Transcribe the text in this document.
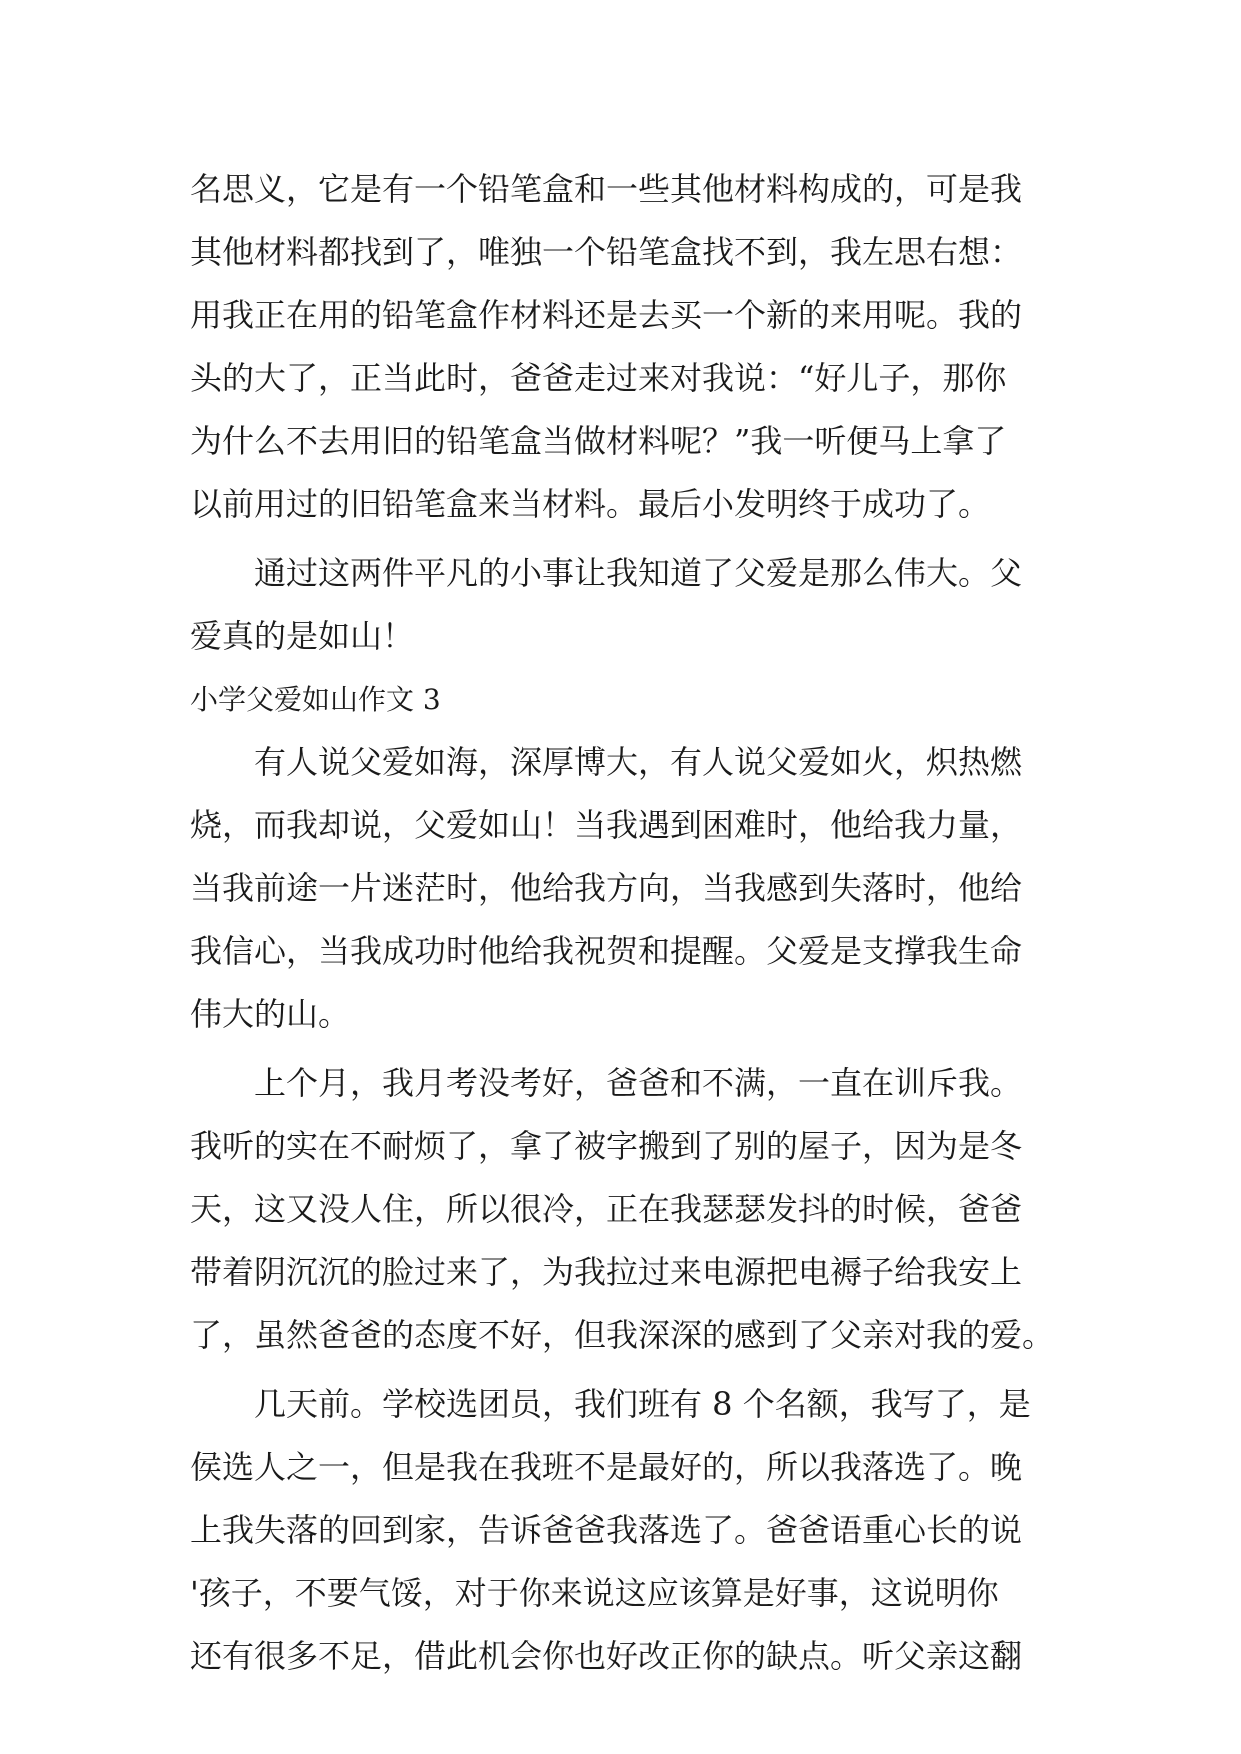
名思义，它是有一个铅笔盒和一些其他材料构成的，可是我
其他材料都找到了，唯独一个铅笔盒找不到，我左思右想：
用我正在用的铅笔盒作材料还是去买一个新的来用呢。我的
头的大了，正当此时，爸爸走过来对我说：“好儿子，那你
为什么不去用旧的铅笔盒当做材料呢？”我一听便马上拿了
以前用过的旧铅笔盒来当材料。最后小发明终于成功了。
　　通过这两件平凡的小事让我知道了父爱是那么伟大。父
爱真的是如山！
小学父爱如山作文 3
　　有人说父爱如海，深厚博大，有人说父爱如火，炽热燃
烧，而我却说，父爱如山！当我遇到困难时，他给我力量，
当我前途一片迷茫时，他给我方向，当我感到失落时，他给
我信心，当我成功时他给我祝贺和提醒。父爱是支撑我生命
伟大的山。
　　上个月，我月考没考好，爸爸和不满，一直在训斥我。
我听的实在不耐烦了，拿了被字搬到了别的屋子，因为是冬
天，这又没人住，所以很冷，正在我瑟瑟发抖的时候，爸爸
带着阴沉沉的脸过来了，为我拉过来电源把电褥子给我安上
了，虽然爸爸的态度不好，但我深深的感到了父亲对我的爱。
　　几天前。学校选团员，我们班有 8 个名额，我写了，是
侯选人之一，但是我在我班不是最好的，所以我落选了。晚
上我失落的回到家，告诉爸爸我落选了。爸爸语重心长的说
'孩子，不要气馁，对于你来说这应该算是好事，这说明你
还有很多不足，借此机会你也好改正你的缺点。听父亲这翻
